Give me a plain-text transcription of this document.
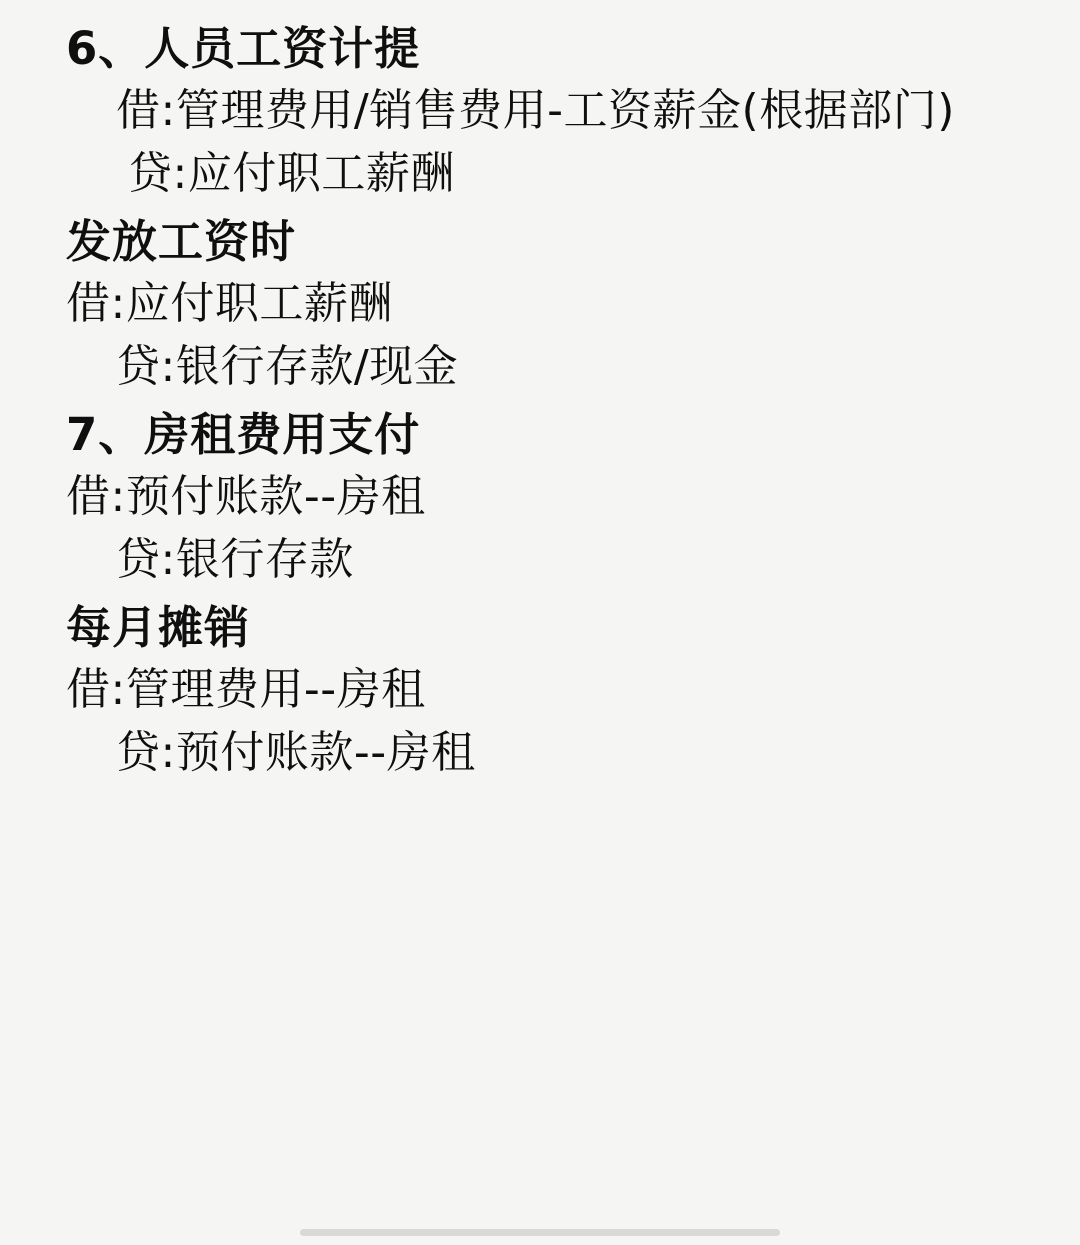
6、人员工资计提
借:管理费用/销售费用-工资薪金(根据部门)
贷:应付职工薪酬
发放工资时
借:应付职工薪酬
贷:银行存款/现金
7、房租费用支付
借:预付账款--房租
贷:银行存款
每月摊销
借:管理费用--房租
贷:预付账款--房租
